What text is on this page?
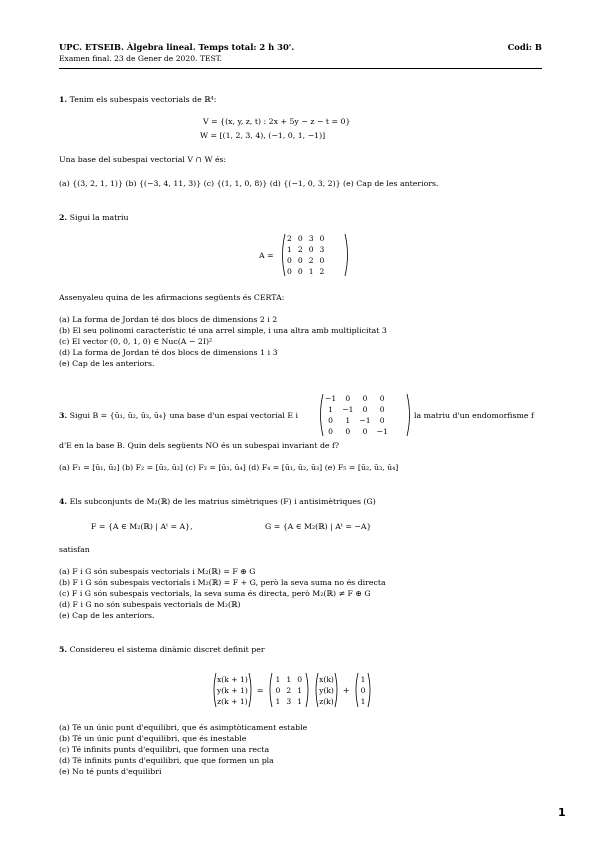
UPC. ETSEIB. Àlgebra lineal. Temps total: 2 h 30'.	Codi: B
Examen final. 23 de Gener de 2020. TEST.
1. Tenim els subespais vectorials de ℝ⁴:
V = {(x, y, z, t) : 2x + 5y − z − t = 0}
W = [(1, 2, 3, 4), (−1, 0, 1, −1)]
Una base del subespai vectorial V ∩ W és:
(a) {(3, 2, 1, 1)} (b) {(−3, 4, 11, 3)} (c) {(1, 1, 0, 8)} (d) {(−1, 0, 3, 2)} (e) Cap de les anteriors.
2. Sigui la matriu
A =
2	0	3	0
1	2	0	3
0	0	2	0
0	0	1	2
Assenyaleu quina de les afirmacions següents és CERTA:
(a) La forma de Jordan té dos blocs de dimensions 2 i 2
(b) El seu polinomi característic té una arrel simple, i una altra amb multiplicitat 3
(c) El vector (0, 0, 1, 0) ∈ Nuc(A − 2I)²
(d) La forma de Jordan té dos blocs de dimensions 1 i 3
(e) Cap de les anteriors.
3. Sigui B = {ū₁, ū₂, ū₃, ū₄} una base d'un espai vectorial E i
−1	0	0	0
1	−1	0	0
0	1	−1	0
0	0	0	−1
la matriu d'un endomorfisme f
d'E en la base B. Quin dels següents NO és un subespai invariant de f?
(a) F₁ = [ū₁, ū₂] (b) F₂ = [ū₂, ū₃] (c) F₃ = [ū₃, ū₄] (d) F₄ = [ū₁, ū₂, ū₃] (e) F₅ = [ū₂, ū₃, ū₄]
4. Els subconjunts de M₂(ℝ) de les matrius simètriques (F) i antisimètriques (G)
F = {A ∈ M₂(ℝ) | Aᵗ = A},	G = {A ∈ M₂(ℝ) | Aᵗ = −A}
satisfan
(a) F i G són subespais vectorials i M₂(ℝ) = F ⊕ G
(b) F i G són subespais vectorials i M₂(ℝ) = F + G, però la seva suma no és directa
(c) F i G són subespais vectorials, la seva suma és directa, però M₂(ℝ) ≠ F ⊕ G
(d) F i G no són subespais vectorials de M₂(ℝ)
(e) Cap de les anteriors.
5. Considereu el sistema dinàmic discret definit per
x(k + 1)
y(k + 1)
z(k + 1)
=
1	1	0
0	2	1
1	3	1
x(k)
y(k)
z(k)
+
1
0
1
(a) Té un únic punt d'equilibri, que és asimptòticament estable
(b) Té un únic punt d'equilibri, que és inestable
(c) Té infinits punts d'equilibri, que formen una recta
(d) Té infinits punts d'equilibri, que que formen un pla
(e) No té punts d'equilibri
1
